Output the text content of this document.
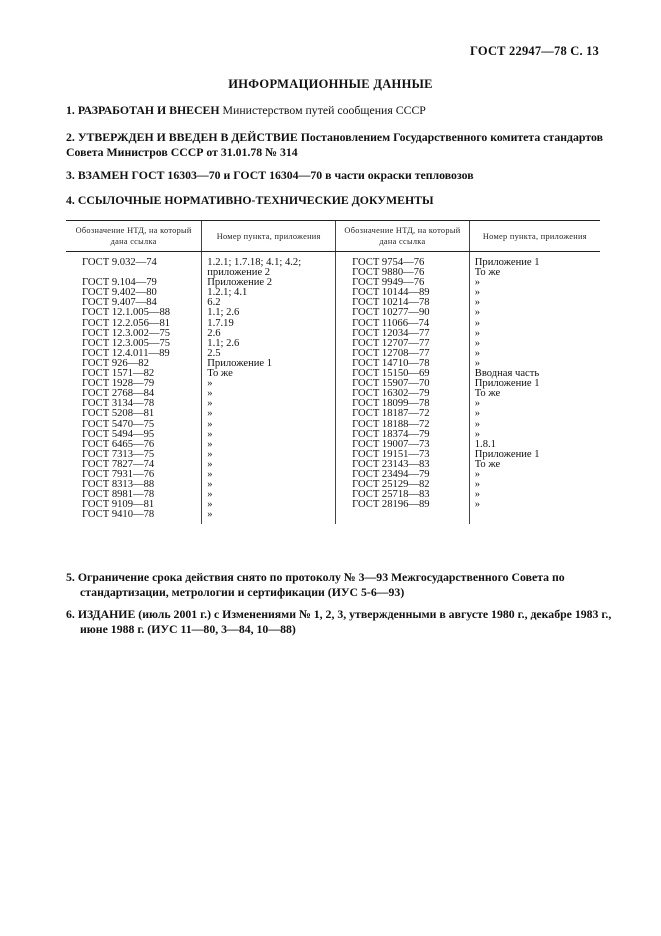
ГОСТ 22947—78 С. 13
ИНФОРМАЦИОННЫЕ ДАННЫЕ
1. РАЗРАБОТАН И ВНЕСЕН Министерством путей сообщения СССР
2. УТВЕРЖДЕН И ВВЕДЕН В ДЕЙСТВИЕ Постановлением Государственного комитета стандартов Совета Министров СССР от 31.01.78 № 314
3. ВЗАМЕН ГОСТ 16303—70 и ГОСТ 16304—70 в части окраски тепловозов
4. ССЫЛОЧНЫЕ НОРМАТИВНО-ТЕХНИЧЕСКИЕ ДОКУМЕНТЫ
Обозначение НТД, на который дана ссылка	Номер пункта, приложения	Обозначение НТД, на который дана ссылка	Номер пункта, приложения
ГОСТ 9.032—74	1.2.1; 1.7.18; 4.1; 4.2;	ГОСТ 9754—76	Приложение 1
	приложение 2	ГОСТ 9880—76	То же
ГОСТ 9.104—79	Приложение 2	ГОСТ 9949—76	»
ГОСТ 9.402—80	1.2.1; 4.1	ГОСТ 10144—89	»
ГОСТ 9.407—84	6.2	ГОСТ 10214—78	»
ГОСТ 12.1.005—88	1.1; 2.6	ГОСТ 10277—90	»
ГОСТ 12.2.056—81	1.7.19	ГОСТ 11066—74	»
ГОСТ 12.3.002—75	2.6	ГОСТ 12034—77	»
ГОСТ 12.3.005—75	1.1; 2.6	ГОСТ 12707—77	»
ГОСТ 12.4.011—89	2.5	ГОСТ 12708—77	»
ГОСТ 926—82	Приложение 1	ГОСТ 14710—78	»
ГОСТ 1571—82	То же	ГОСТ 15150—69	Вводная часть
ГОСТ 1928—79	»	ГОСТ 15907—70	Приложение 1
ГОСТ 2768—84	»	ГОСТ 16302—79	То же
ГОСТ 3134—78	»	ГОСТ 18099—78	»
ГОСТ 5208—81	»	ГОСТ 18187—72	»
ГОСТ 5470—75	»	ГОСТ 18188—72	»
ГОСТ 5494—95	»	ГОСТ 18374—79	»
ГОСТ 6465—76	»	ГОСТ 19007—73	1.8.1
ГОСТ 7313—75	»	ГОСТ 19151—73	Приложение 1
ГОСТ 7827—74	»	ГОСТ 23143—83	То же
ГОСТ 7931—76	»	ГОСТ 23494—79	»
ГОСТ 8313—88	»	ГОСТ 25129—82	»
ГОСТ 8981—78	»	ГОСТ 25718—83	»
ГОСТ 9109—81	»	ГОСТ 28196—89	»
ГОСТ 9410—78	»		
5. Ограничение срока действия снято по протоколу № 3—93 Межгосударственного Совета по стандартизации, метрологии и сертификации (ИУС 5-6—93)
6. ИЗДАНИЕ (июль 2001 г.) с Изменениями № 1, 2, 3, утвержденными в августе 1980 г., декабре 1983 г., июне 1988 г. (ИУС 11—80, 3—84, 10—88)
